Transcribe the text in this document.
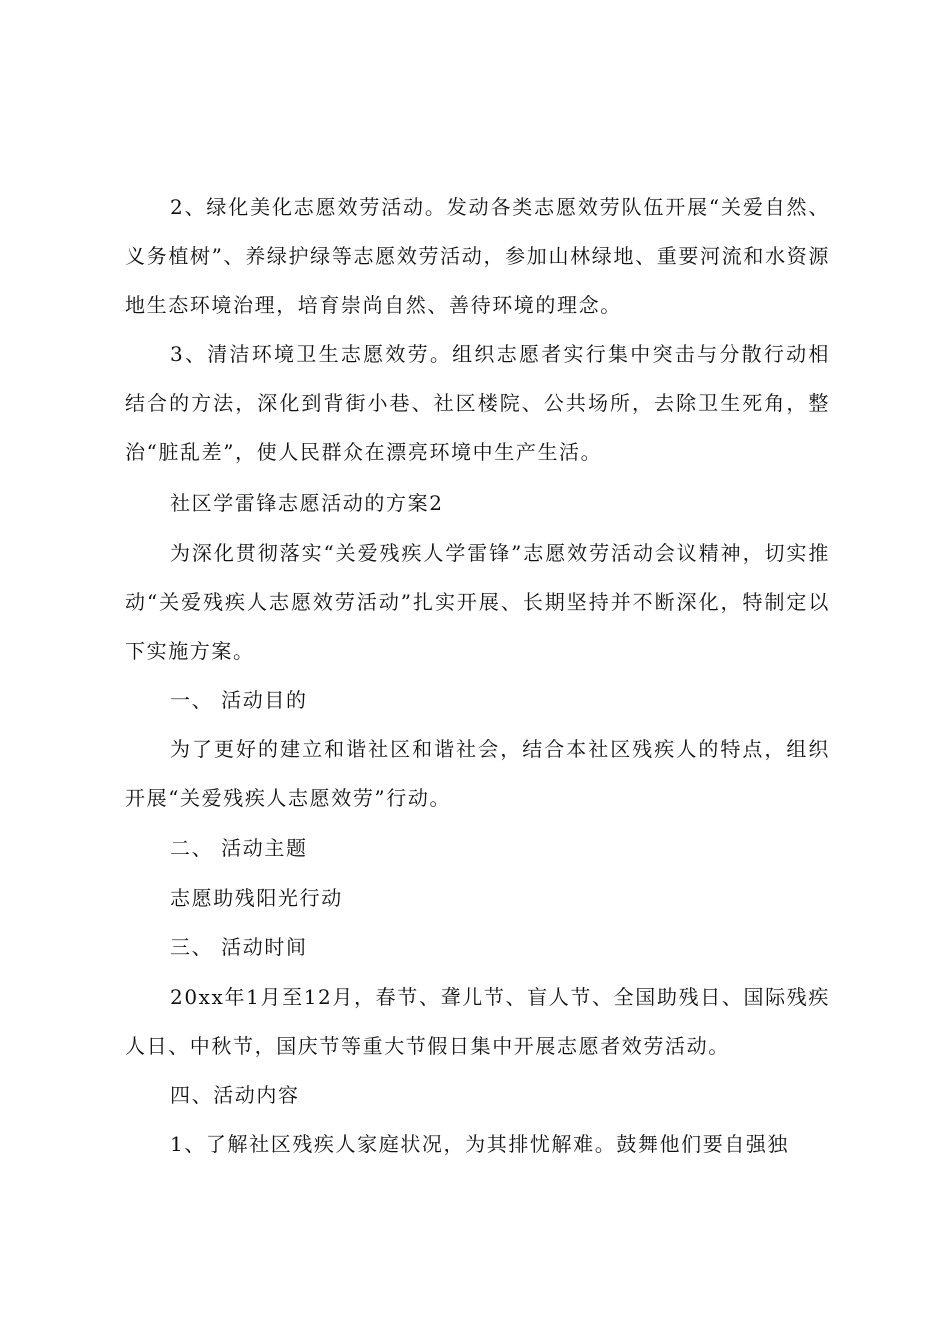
2、绿化美化志愿效劳活动。发动各类志愿效劳队伍开展“关爱自然、义务植树”、养绿护绿等志愿效劳活动，参加山林绿地、重要河流和水资源地生态环境治理，培育崇尚自然、善待环境的理念。

3、清洁环境卫生志愿效劳。组织志愿者实行集中突击与分散行动相结合的方法，深化到背街小巷、社区楼院、公共场所，去除卫生死角，整治“脏乱差”，使人民群众在漂亮环境中生产生活。

社区学雷锋志愿活动的方案2

为深化贯彻落实“关爱残疾人学雷锋”志愿效劳活动会议精神，切实推动“关爱残疾人志愿效劳活动”扎实开展、长期坚持并不断深化，特制定以下实施方案。

一、 活动目的

为了更好的建立和谐社区和谐社会，结合本社区残疾人的特点，组织开展“关爱残疾人志愿效劳”行动。

二、 活动主题

志愿助残阳光行动

三、 活动时间

20xx年1月至12月，春节、聋儿节、盲人节、全国助残日、国际残疾人日、中秋节，国庆节等重大节假日集中开展志愿者效劳活动。

四、活动内容

1、了解社区残疾人家庭状况，为其排忧解难。鼓舞他们要自强独
